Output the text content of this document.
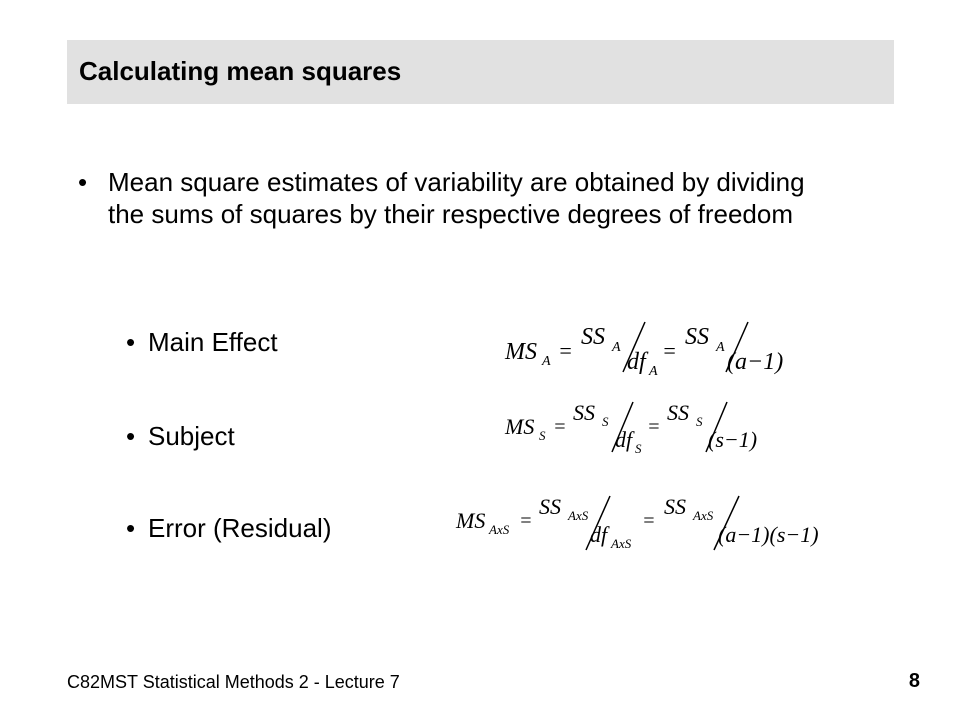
Calculating mean squares
• Mean square estimates of variability are obtained by dividing the sums of squares by their respective degrees of freedom
• Main Effect
• Subject
• Error (Residual)
MS A =
SS A
df A
=
SS A
(a−1)
MS S =
SS S
df S
=
SS S
(s−1)
MS AxS =
SS AxS
df AxS
=
SS AxS
(a−1)(s−1)
C82MST Statistical Methods 2 - Lecture 7	8
